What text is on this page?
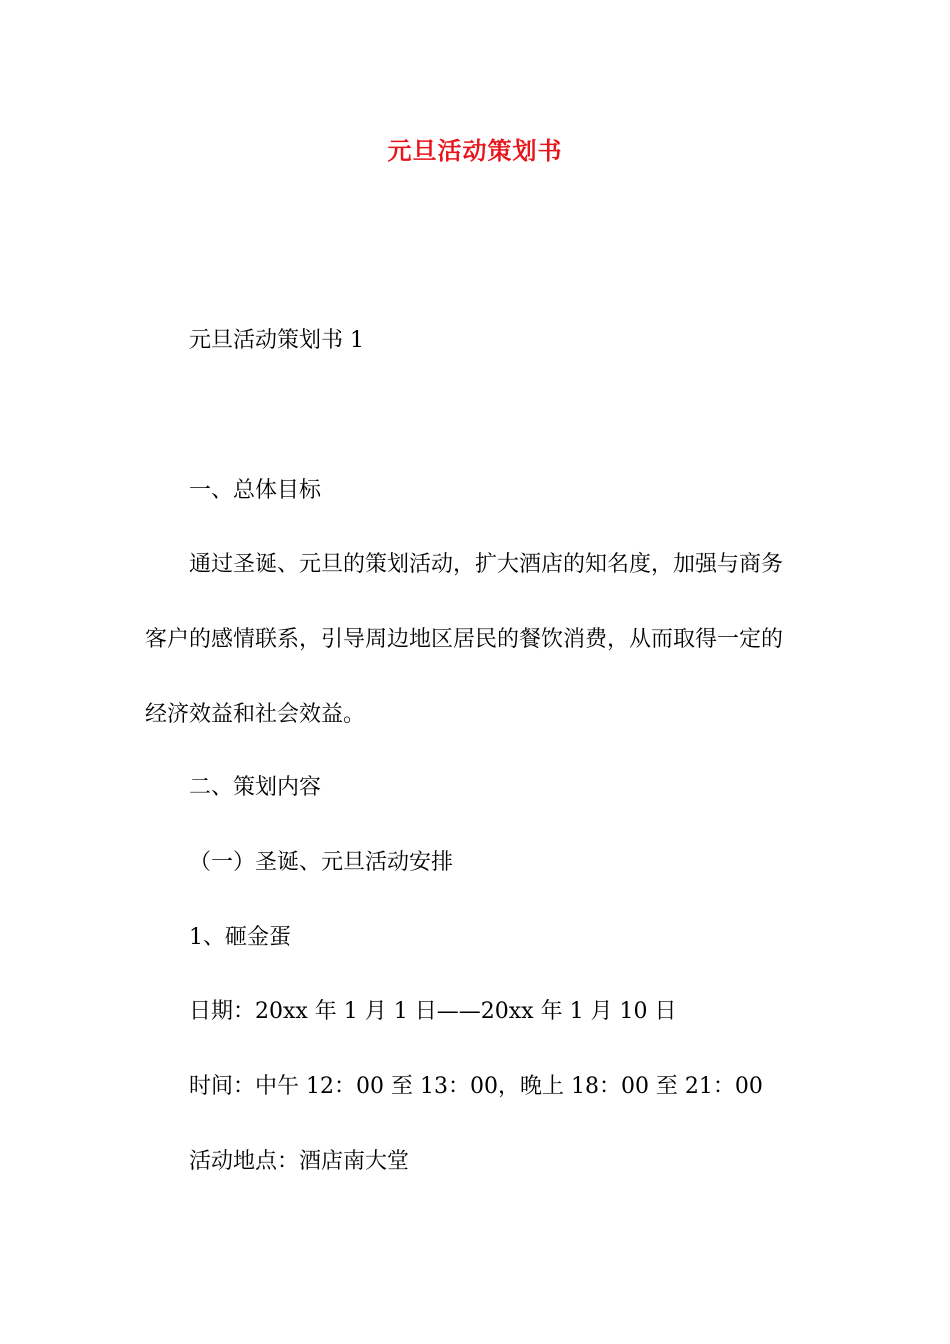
元旦活动策划书
元旦活动策划书 1
一、总体目标
通过圣诞、元旦的策划活动，扩大酒店的知名度，加强与商务
客户的感情联系，引导周边地区居民的餐饮消费，从而取得一定的
经济效益和社会效益。
二、策划内容
（一）圣诞、元旦活动安排
1、砸金蛋
日期：20xx 年 1 月 1 日——20xx 年 1 月 10 日
时间：中午 12：00 至 13：00，晚上 18：00 至 21：00
活动地点：酒店南大堂
